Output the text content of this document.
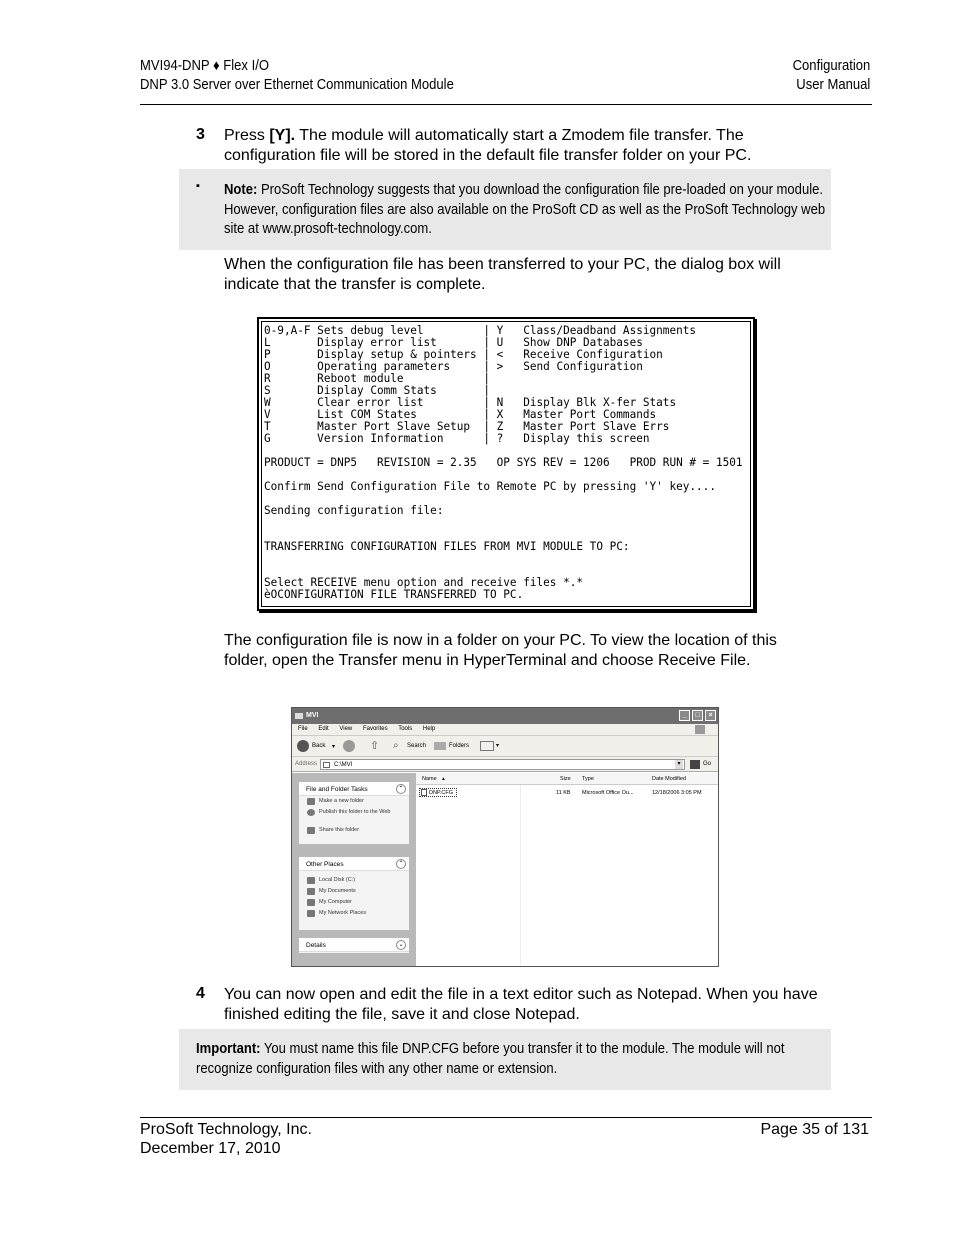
MVI94-DNP ♦ Flex I/O
DNP 3.0 Server over Ethernet Communication Module
Configuration
User Manual
3 Press [Y]. The module will automatically start a Zmodem file transfer. The configuration file will be stored in the default file transfer folder on your PC.
▪ Note: ProSoft Technology suggests that you download the configuration file pre-loaded on your module. However, configuration files are also available on the ProSoft CD as well as the ProSoft Technology web site at www.prosoft-technology.com.
When the configuration file has been transferred to your PC, the dialog box will indicate that the transfer is complete.
0-9,A-F Sets debug level         | Y   Class/Deadband Assignments
L       Display error list       | U   Show DNP Databases
P       Display setup & pointers | <   Receive Configuration
O       Operating parameters     | >   Send Configuration
R       Reboot module            |
S       Display Comm Stats       |
W       Clear error list         | N   Display Blk X-fer Stats
V       List COM States          | X   Master Port Commands
T       Master Port Slave Setup  | Z   Master Port Slave Errs
G       Version Information      | ?   Display this screen
PRODUCT = DNP5   REVISION = 2.35   OP SYS REV = 1206   PROD RUN # = 1501
Confirm Send Configuration File to Remote PC by pressing 'Y' key....
Sending configuration file:
TRANSFERRING CONFIGURATION FILES FROM MVI MODULE TO PC:
Select RECEIVE menu option and receive files *.*
èOCONFIGURATION FILE TRANSFERRED TO PC.
The configuration file is now in a folder on your PC. To view the location of this folder, open the Transfer menu in HyperTerminal and choose Receive File.
MVI	_	□	×
File Edit View Favorites Tools Help
Back ▾	⇧ ⌕ Search	Folders	▾
Address	C:\MVI	▾	Go
File and Folder Tasks	⌃
Make a new folder
Publish this folder to the Web
Share this folder
Other Places	⌃
Local Disk (C:)
My Documents
My Computer
My Network Places
Details	⌄
Name ▴	Size Type	Date Modified
DNP.CFG	11 KB Microsoft Office Ou...	12/18/2006 3:05 PM
4 You can now open and edit the file in a text editor such as Notepad. When you have finished editing the file, save it and close Notepad.
Important: You must name this file DNP.CFG before you transfer it to the module. The module will not recognize configuration files with any other name or extension.
ProSoft Technology, Inc.
December 17, 2010
Page 35 of 131
